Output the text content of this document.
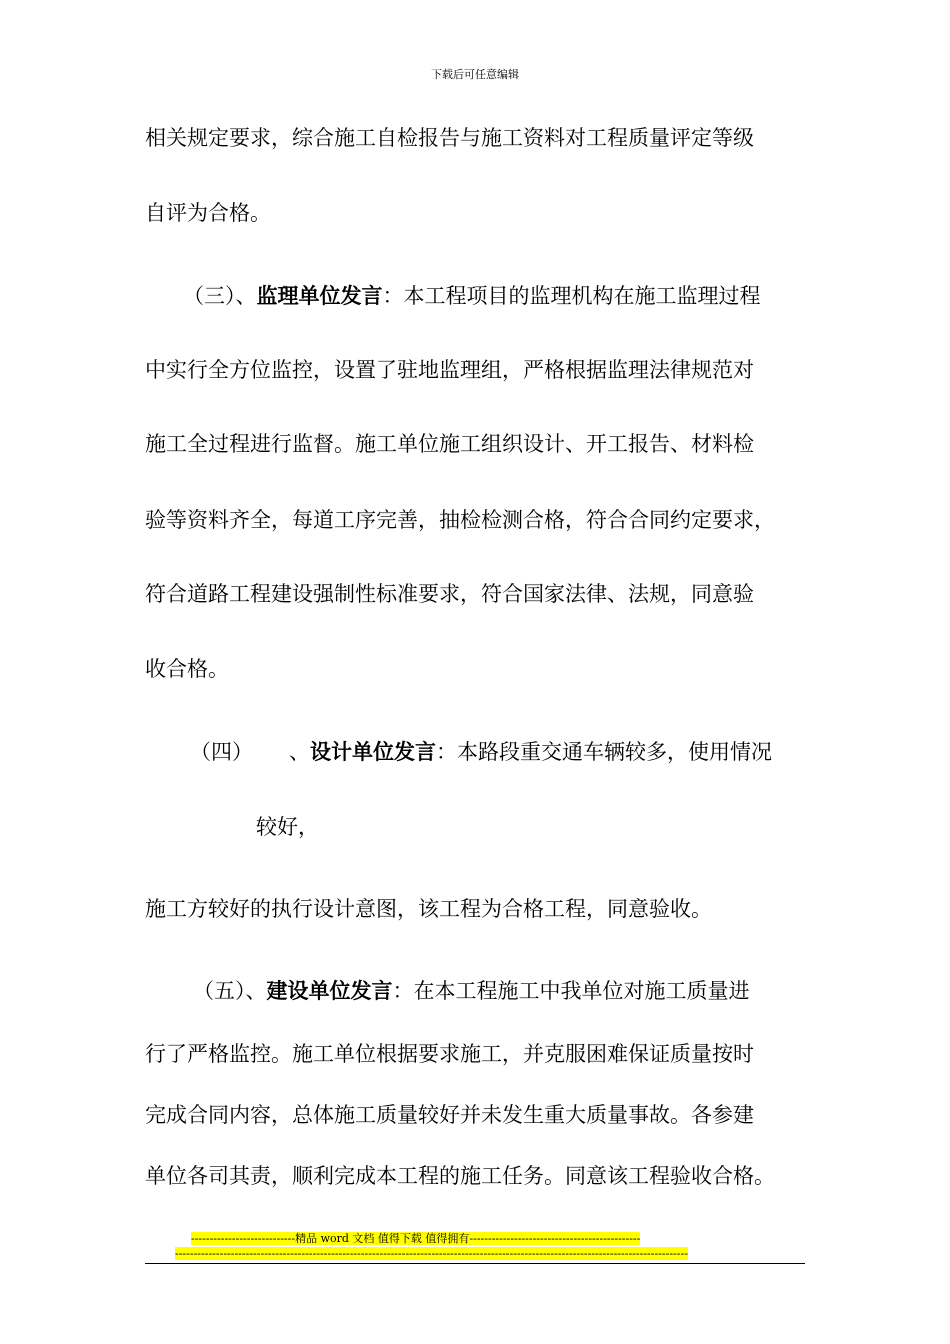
下载后可任意编辑
相关规定要求，综合施工自检报告与施工资料对工程质量评定等级
自评为合格。
（三）、监理单位发言：本工程项目的监理机构在施工监理过程
中实行全方位监控，设置了驻地监理组，严格根据监理法律规范对
施工全过程进行监督。施工单位施工组织设计、开工报告、材料检
验等资料齐全，每道工序完善，抽检检测合格，符合合同约定要求，
符合道路工程建设强制性标准要求，符合国家法律、法规，同意验
收合格。
（四） 、设计单位发言：本路段重交通车辆较多，使用情况
较好，
施工方较好的执行设计意图，该工程为合格工程，同意验收。
（五）、建设单位发言：在本工程施工中我单位对施工质量进
行了严格监控。施工单位根据要求施工，并克服困难保证质量按时
完成合同内容，总体施工质量较好并未发生重大质量事故。各参建
单位各司其责，顺利完成本工程的施工任务。同意该工程验收合格。
----------------------------精品 word 文档 值得下载 值得拥有----------------------------------------------
------------------------------------------------------------------------------------------------------------------------------------------
